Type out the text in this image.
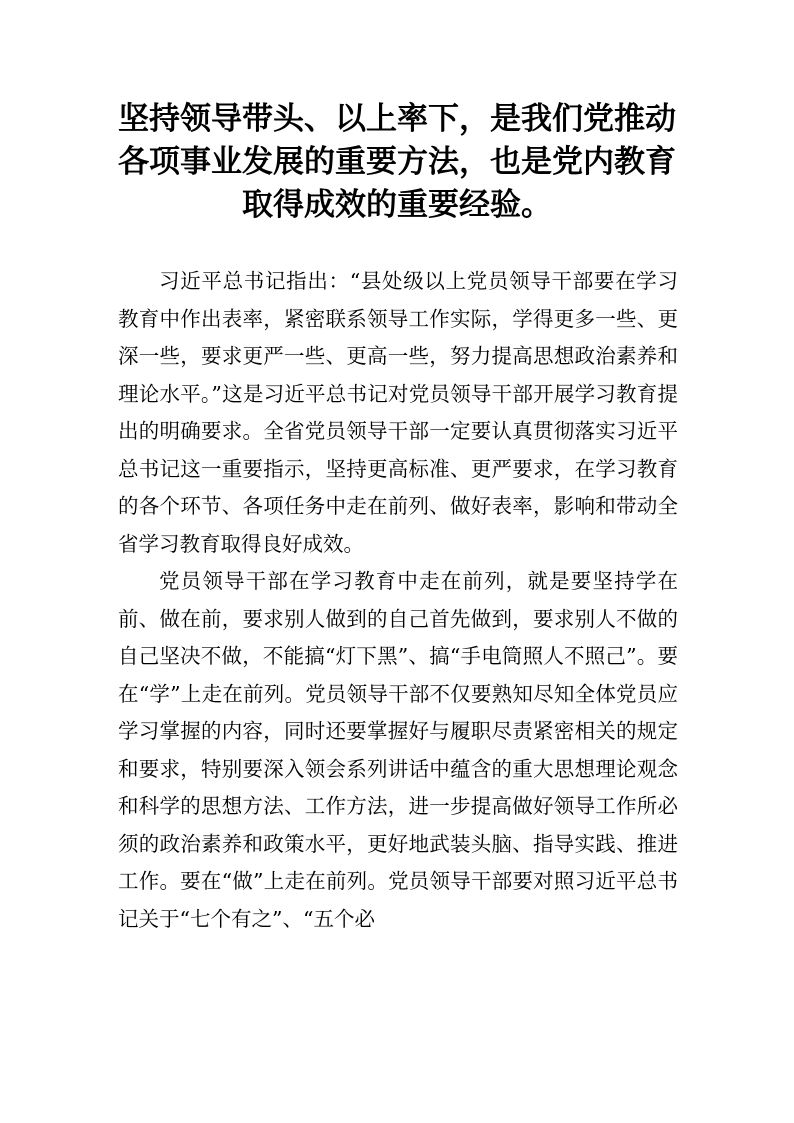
坚持领导带头、以上率下，是我们党推动各项事业发展的重要方法，也是党内教育取得成效的重要经验。

习近平总书记指出：“县处级以上党员领导干部要在学习教育中作出表率，紧密联系领导工作实际，学得更多一些、更深一些，要求更严一些、更高一些，努力提高思想政治素养和理论水平。”这是习近平总书记对党员领导干部开展学习教育提出的明确要求。全省党员领导干部一定要认真贯彻落实习近平总书记这一重要指示，坚持更高标准、更严要求，在学习教育的各个环节、各项任务中走在前列、做好表率，影响和带动全省学习教育取得良好成效。

党员领导干部在学习教育中走在前列，就是要坚持学在前、做在前，要求别人做到的自己首先做到，要求别人不做的自己坚决不做，不能搞“灯下黑”、搞“手电筒照人不照己”。要在“学”上走在前列。党员领导干部不仅要熟知尽知全体党员应学习掌握的内容，同时还要掌握好与履职尽责紧密相关的规定和要求，特别要深入领会系列讲话中蕴含的重大思想理论观念和科学的思想方法、工作方法，进一步提高做好领导工作所必须的政治素养和政策水平，更好地武装头脑、指导实践、推进工作。要在“做”上走在前列。党员领导干部要对照习近平总书记关于“七个有之”、“五个必
